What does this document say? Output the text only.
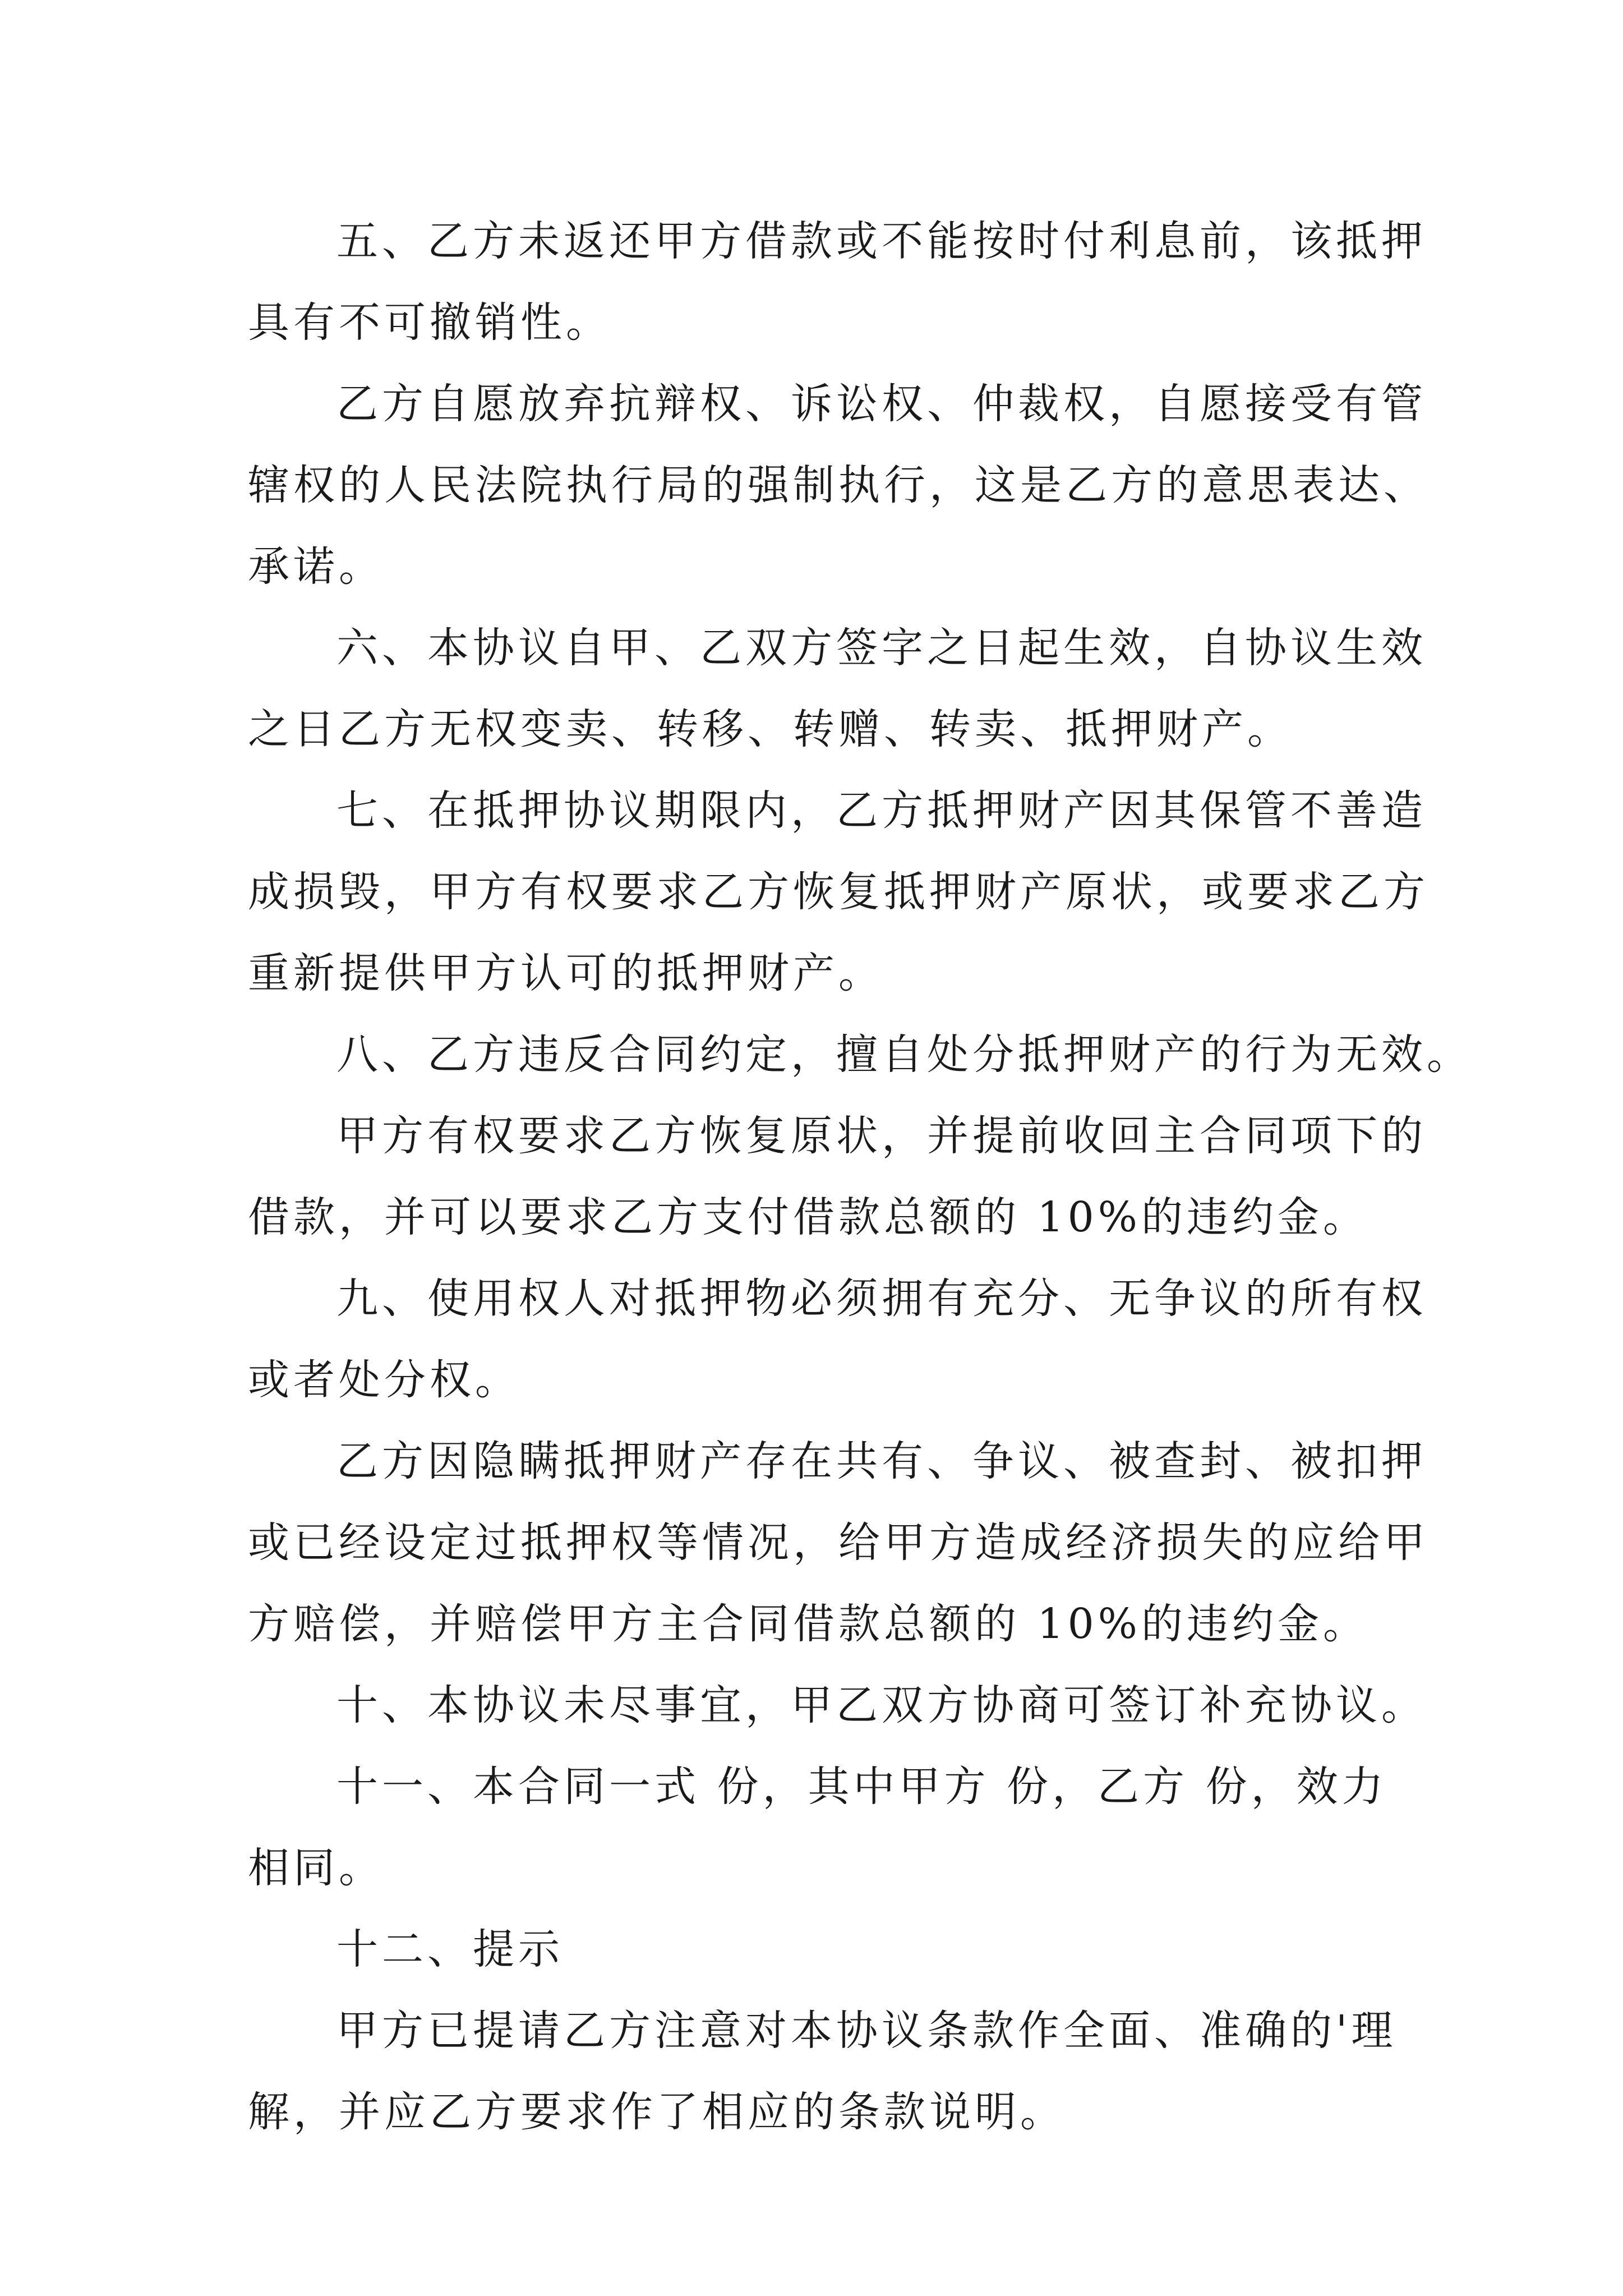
五、乙方未返还甲方借款或不能按时付利息前，该抵押
具有不可撤销性。
乙方自愿放弃抗辩权、诉讼权、仲裁权，自愿接受有管
辖权的人民法院执行局的强制执行，这是乙方的意思表达、
承诺。
六、本协议自甲、乙双方签字之日起生效，自协议生效
之日乙方无权变卖、转移、转赠、转卖、抵押财产。
七、在抵押协议期限内，乙方抵押财产因其保管不善造
成损毁，甲方有权要求乙方恢复抵押财产原状，或要求乙方
重新提供甲方认可的抵押财产。
八、乙方违反合同约定，擅自处分抵押财产的行为无效。
甲方有权要求乙方恢复原状，并提前收回主合同项下的
借款，并可以要求乙方支付借款总额的 10%的违约金。
九、使用权人对抵押物必须拥有充分、无争议的所有权
或者处分权。
乙方因隐瞒抵押财产存在共有、争议、被查封、被扣押
或已经设定过抵押权等情况，给甲方造成经济损失的应给甲
方赔偿，并赔偿甲方主合同借款总额的 10%的违约金。
十、本协议未尽事宜，甲乙双方协商可签订补充协议。
十一、本合同一式 份，其中甲方 份，乙方 份，效力
相同。
十二、提示
甲方已提请乙方注意对本协议条款作全面、准确的'理
解，并应乙方要求作了相应的条款说明。
